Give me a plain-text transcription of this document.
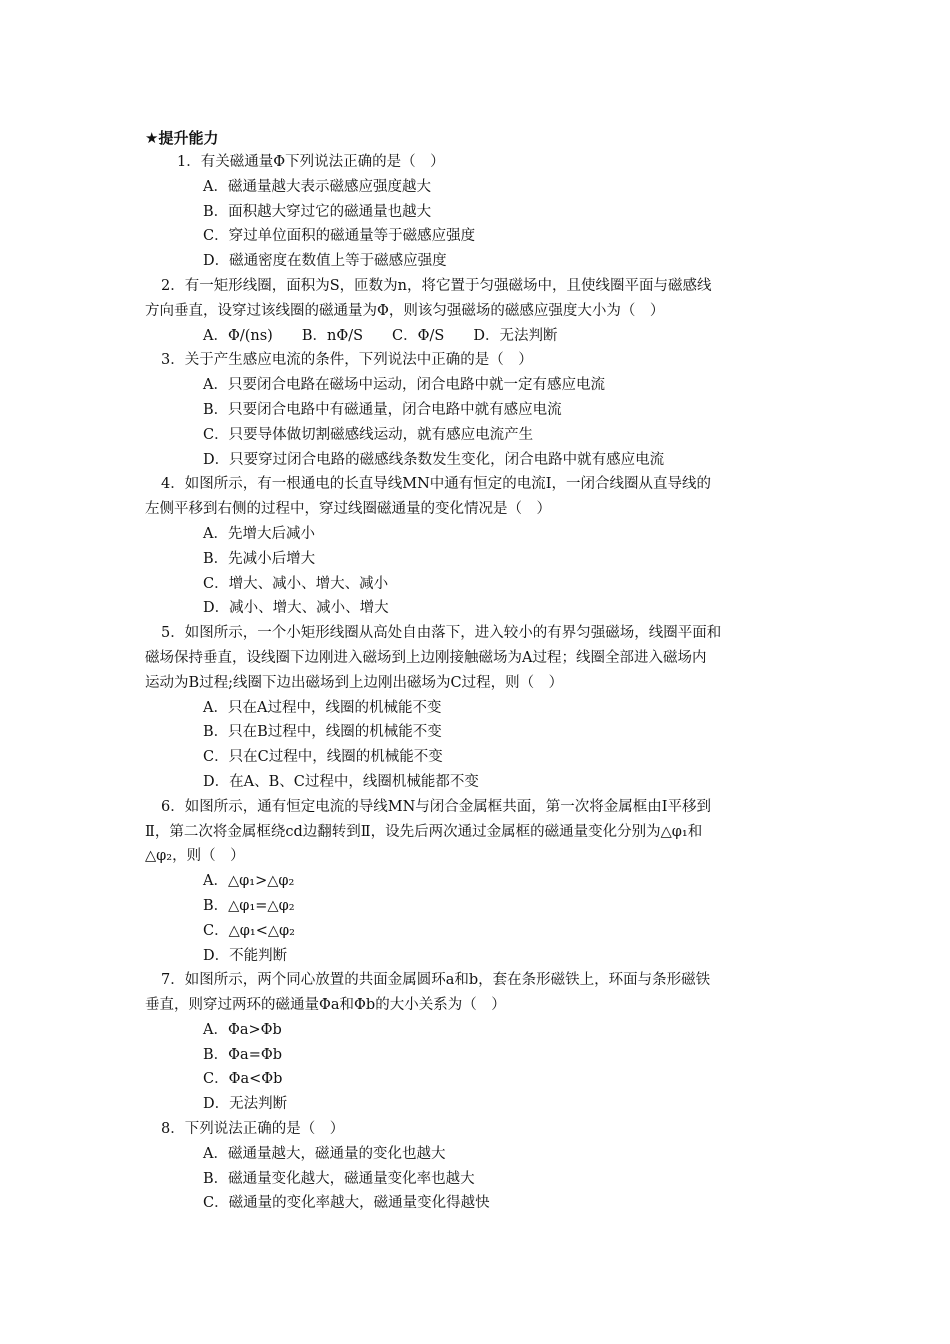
★提升能力
1．有关磁通量Φ下列说法正确的是（　）
A．磁通量越大表示磁感应强度越大
B．面积越大穿过它的磁通量也越大
C．穿过单位面积的磁通量等于磁感应强度
D．磁通密度在数值上等于磁感应强度
2．有一矩形线圈，面积为S，匝数为n，将它置于匀强磁场中，且使线圈平面与磁感线
方向垂直，设穿过该线圈的磁通量为Φ，则该匀强磁场的磁感应强度大小为（　）
A．Φ/(ns)　　B．nΦ/S　　C．Φ/S　　D．无法判断
3．关于产生感应电流的条件，下列说法中正确的是（　）
A．只要闭合电路在磁场中运动，闭合电路中就一定有感应电流
B．只要闭合电路中有磁通量，闭合电路中就有感应电流
C．只要导体做切割磁感线运动，就有感应电流产生
D．只要穿过闭合电路的磁感线条数发生变化，闭合电路中就有感应电流
4．如图所示，有一根通电的长直导线MN中通有恒定的电流I，一闭合线圈从直导线的
左侧平移到右侧的过程中，穿过线圈磁通量的变化情况是（　）
A．先增大后减小
B．先减小后增大
C．增大、减小、增大、减小
D．减小、增大、减小、增大
5．如图所示，一个小矩形线圈从高处自由落下，进入较小的有界匀强磁场，线圈平面和
磁场保持垂直，设线圈下边刚进入磁场到上边刚接触磁场为A过程；线圈全部进入磁场内
运动为B过程;线圈下边出磁场到上边刚出磁场为C过程，则（　）
A．只在A过程中，线圈的机械能不变
B．只在B过程中，线圈的机械能不变
C．只在C过程中，线圈的机械能不变
D．在A、B、C过程中，线圈机械能都不变
6．如图所示，通有恒定电流的导线MN与闭合金属框共面，第一次将金属框由Ⅰ平移到
Ⅱ，第二次将金属框绕cd边翻转到Ⅱ，设先后两次通过金属框的磁通量变化分别为△φ₁和
△φ₂，则（　）
A．△φ₁>△φ₂
B．△φ₁=△φ₂
C．△φ₁<△φ₂
D．不能判断
7．如图所示，两个同心放置的共面金属圆环a和b，套在条形磁铁上，环面与条形磁铁
垂直，则穿过两环的磁通量Φa和Φb的大小关系为（　）
A．Φa>Φb
B．Φa=Φb
C．Φa<Φb
D．无法判断
8．下列说法正确的是（　）
A．磁通量越大，磁通量的变化也越大
B．磁通量变化越大，磁通量变化率也越大
C．磁通量的变化率越大，磁通量变化得越快
